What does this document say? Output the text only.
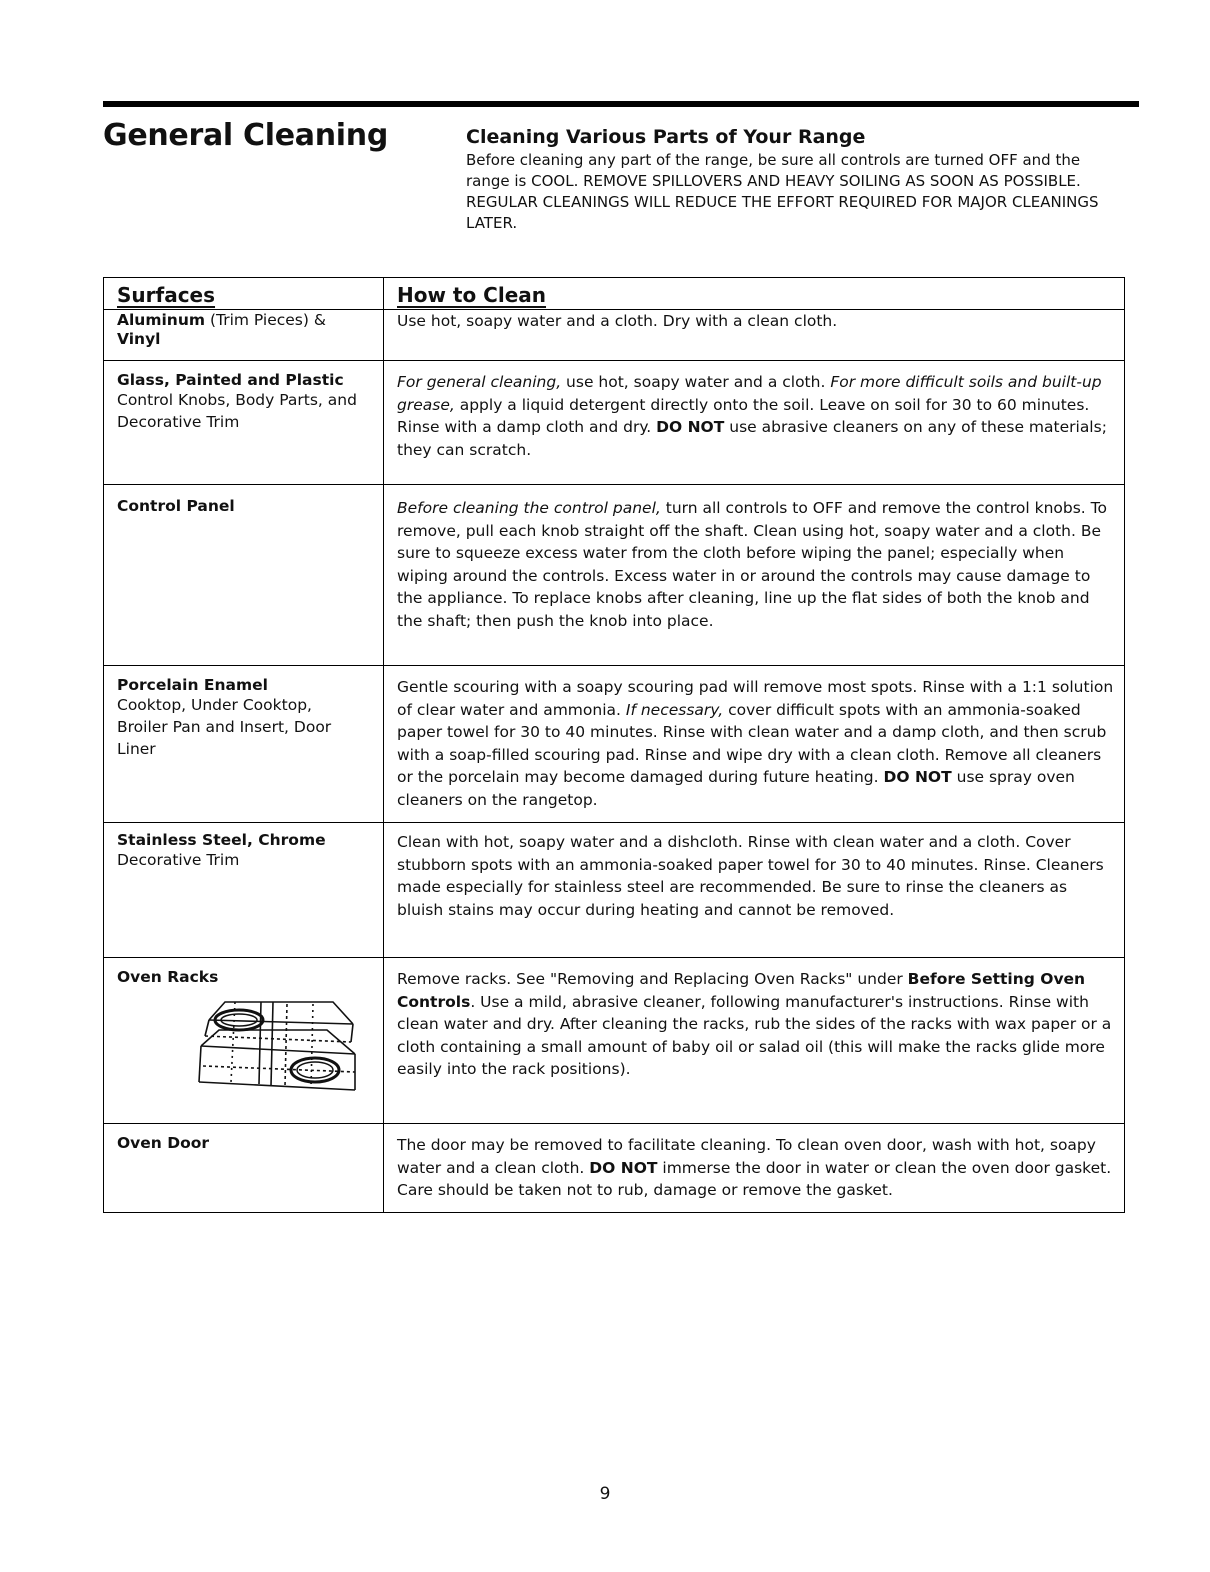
General Cleaning	Cleaning Various Parts of Your Range

Before cleaning any part of the range, be sure all controls are turned OFF and the range is COOL. REMOVE SPILLOVERS AND HEAVY SOILING AS SOON AS POSSIBLE. REGULAR CLEANINGS WILL REDUCE THE EFFORT REQUIRED FOR MAJOR CLEANINGS LATER.

Surfaces	How to Clean
Aluminum (Trim Pieces) &
Vinyl	Use hot, soapy water and a cloth. Dry with a clean cloth.

Glass, Painted and Plastic
Control Knobs, Body Parts, and Decorative Trim	For general cleaning, use hot, soapy water and a cloth. For more difficult soils and built-up grease, apply a liquid detergent directly onto the soil. Leave on soil for 30 to 60 minutes. Rinse with a damp cloth and dry. DO NOT use abrasive cleaners on any of these materials; they can scratch.

Control Panel	Before cleaning the control panel, turn all controls to OFF and remove the control knobs. To remove, pull each knob straight off the shaft. Clean using hot, soapy water and a cloth. Be sure to squeeze excess water from the cloth before wiping the panel; especially when wiping around the controls. Excess water in or around the controls may cause damage to the appliance. To replace knobs after cleaning, line up the flat sides of both the knob and the shaft; then push the knob into place.

Porcelain Enamel
Cooktop, Under Cooktop, Broiler Pan and Insert, Door Liner	Gentle scouring with a soapy scouring pad will remove most spots. Rinse with a 1:1 solution of clear water and ammonia. If necessary, cover difficult spots with an ammonia-soaked paper towel for 30 to 40 minutes. Rinse with clean water and a damp cloth, and then scrub with a soap-filled scouring pad. Rinse and wipe dry with a clean cloth. Remove all cleaners or the porcelain may become damaged during future heating. DO NOT use spray oven cleaners on the rangetop.

Stainless Steel, Chrome
Decorative Trim	Clean with hot, soapy water and a dishcloth. Rinse with clean water and a cloth. Cover stubborn spots with an ammonia-soaked paper towel for 30 to 40 minutes. Rinse. Cleaners made especially for stainless steel are recommended. Be sure to rinse the cleaners as bluish stains may occur during heating and cannot be removed.

Oven Racks	Remove racks. See "Removing and Replacing Oven Racks" under Before Setting Oven Controls. Use a mild, abrasive cleaner, following manufacturer's instructions. Rinse with clean water and dry. After cleaning the racks, rub the sides of the racks with wax paper or a cloth containing a small amount of baby oil or salad oil (this will make the racks glide more easily into the rack positions).

Oven Door	The door may be removed to facilitate cleaning. To clean oven door, wash with hot, soapy water and a clean cloth. DO NOT immerse the door in water or clean the oven door gasket. Care should be taken not to rub, damage or remove the gasket.

9
